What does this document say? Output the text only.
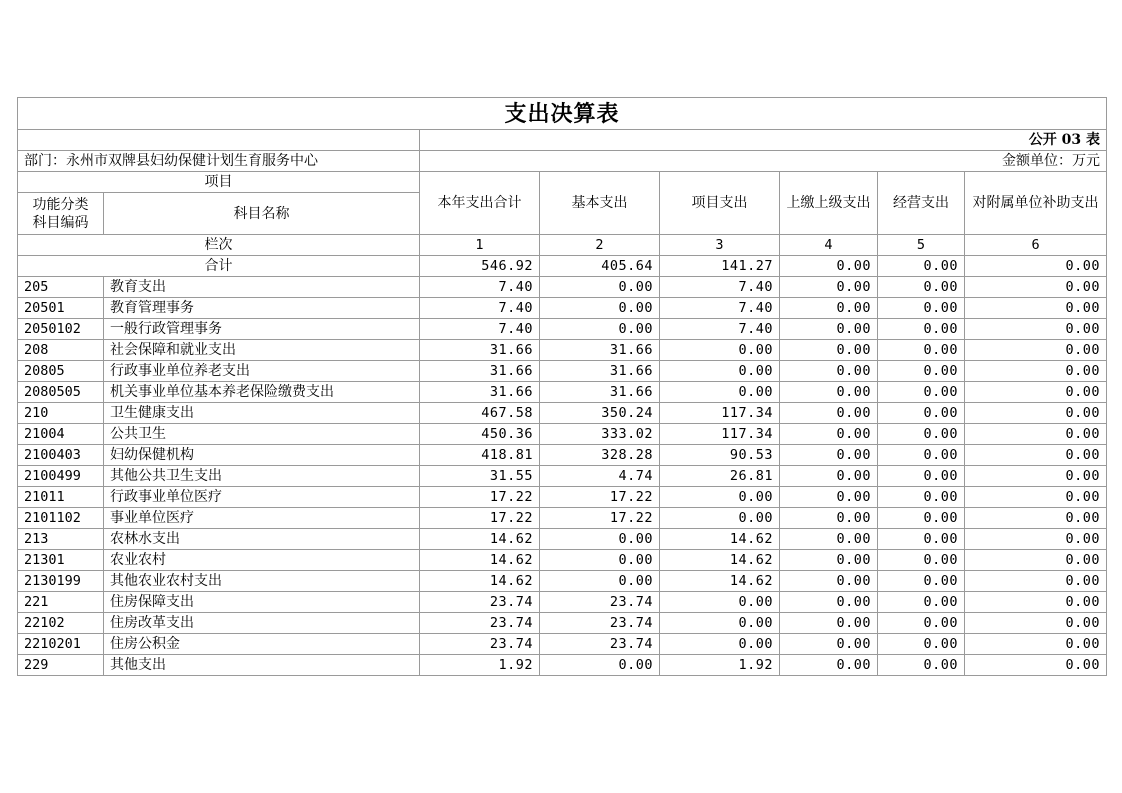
支出决算表							
		公开 03 表					
部门：永州市双牌县妇幼保健计划生育服务中心		金额单位：万元					
项目		本年支出合计	基本支出	项目支出	上缴上级支出	经营支出	对附属单位补助支出
功能分类科目编码	科目名称						
栏次		1	2	3	4	5	6
合计		546.92	405.64	141.27	0.00	0.00	0.00
205	教育支出	7.40	0.00	7.40	0.00	0.00	0.00
20501	教育管理事务	7.40	0.00	7.40	0.00	0.00	0.00
2050102	一般行政管理事务	7.40	0.00	7.40	0.00	0.00	0.00
208	社会保障和就业支出	31.66	31.66	0.00	0.00	0.00	0.00
20805	行政事业单位养老支出	31.66	31.66	0.00	0.00	0.00	0.00
2080505	机关事业单位基本养老保险缴费支出	31.66	31.66	0.00	0.00	0.00	0.00
210	卫生健康支出	467.58	350.24	117.34	0.00	0.00	0.00
21004	公共卫生	450.36	333.02	117.34	0.00	0.00	0.00
2100403	妇幼保健机构	418.81	328.28	90.53	0.00	0.00	0.00
2100499	其他公共卫生支出	31.55	4.74	26.81	0.00	0.00	0.00
21011	行政事业单位医疗	17.22	17.22	0.00	0.00	0.00	0.00
2101102	事业单位医疗	17.22	17.22	0.00	0.00	0.00	0.00
213	农林水支出	14.62	0.00	14.62	0.00	0.00	0.00
21301	农业农村	14.62	0.00	14.62	0.00	0.00	0.00
2130199	其他农业农村支出	14.62	0.00	14.62	0.00	0.00	0.00
221	住房保障支出	23.74	23.74	0.00	0.00	0.00	0.00
22102	住房改革支出	23.74	23.74	0.00	0.00	0.00	0.00
2210201	住房公积金	23.74	23.74	0.00	0.00	0.00	0.00
229	其他支出	1.92	0.00	1.92	0.00	0.00	0.00
